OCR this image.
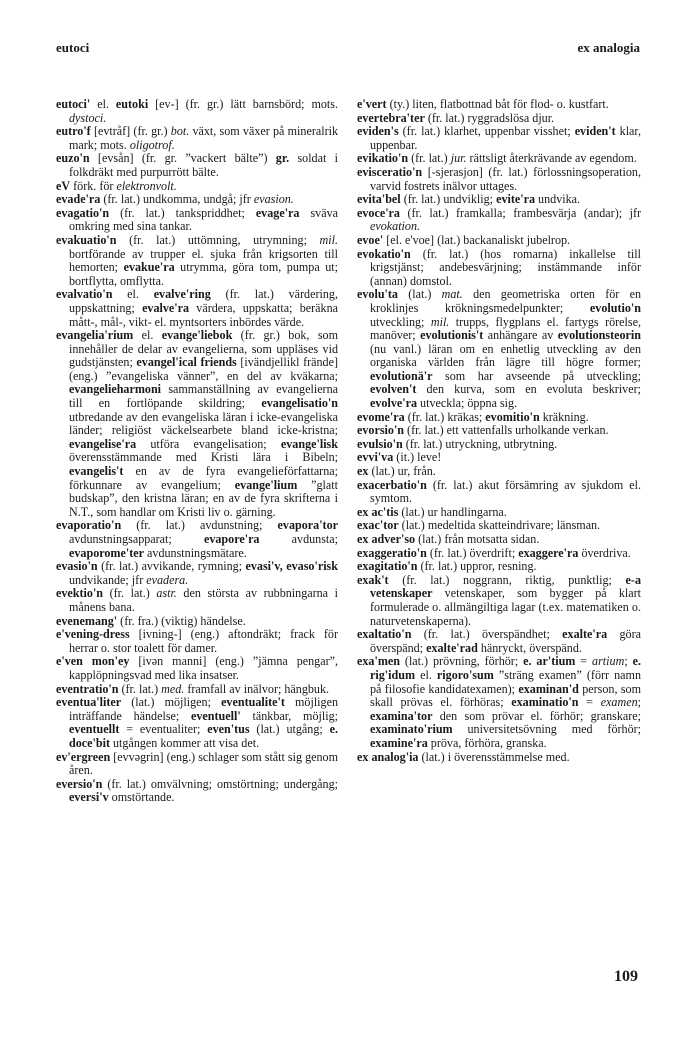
eutoci	ex analogia

eutoci' el. eutoki [ev-] (fr. gr.) lätt barnsbörd; mots. dystoci.

eutro'f [evtråf] (fr. gr.) bot. växt, som växer på mineralrik mark; mots. oligotrof.

euzo'n [evsån] (fr. gr. ”vackert bälte”) gr. soldat i folkdräkt med purpurrött bälte.

eV förk. för elektronvolt.

evade'ra (fr. lat.) undkomma, undgå; jfr evasion.

evagatio'n (fr. lat.) tankspriddhet; evage'ra sväva omkring med sina tankar.

evakuatio'n (fr. lat.) uttömning, utrymning; mil. bortförande av trupper el. sjuka från krigsorten till hemorten; evakue'ra utrymma, göra tom, pumpa ut; bortflytta, omflytta.

evalvatio'n el. evalve'ring (fr. lat.) värdering, uppskattning; evalve'ra värdera, uppskatta; beräkna mått-, mål-, vikt- el. myntsorters inbördes värde.

evangelia'rium el. evange'liebok (fr. gr.) bok, som innehåller de delar av evangelierna, som uppläses vid gudstjänsten; evangel'ical friends [ivändjellikl frände] (eng.) ”evangeliska vänner”, en del av kväkarna; evangelieharmoni sammanställning av evangelierna till en fortlöpande skildring; evangelisatio'n utbredande av den evangeliska läran i icke-evangeliska länder; religiöst väckelsearbete bland icke-kristna; evangelise'ra utföra evangelisation; evange'lisk överensstämmande med Kristi lära i Bibeln; evangelis't en av de fyra evangelieförfattarna; förkunnare av evangelium; evange'lium ”glatt budskap”, den kristna läran; en av de fyra skrifterna i N.T., som handlar om Kristi liv o. gärning.

evaporatio'n (fr. lat.) avdunstning; evapora'tor avdunstningsapparat; evapore'ra avdunsta; evaporome'ter avdunstningsmätare.

evasio'n (fr. lat.) avvikande, rymning; evasi'v, evaso'risk undvikande; jfr evadera.

evektio'n (fr. lat.) astr. den största av rubbningarna i månens bana.

evenemang' (fr. fra.) (viktig) händelse.

e'vening-dress [ivning-] (eng.) aftondräkt; frack för herrar o. stor toalett för damer.

e'ven mon'ey [ivən manni] (eng.) ”jämna pengar”, kapplöpningsvad med lika insatser.

eventratio'n (fr. lat.) med. framfall av inälvor; hängbuk.

eventua'liter (lat.) möjligen; eventualite't möjligen inträffande händelse; eventuell' tänkbar, möjlig; eventuellt = eventualiter; even'tus (lat.) utgång; e. doce'bit utgången kommer att visa det.

ev'ergreen [evvəgrin] (eng.) schlager som stått sig genom åren.

eversio'n (fr. lat.) omvälvning; omstörtning; undergång; eversi'v omstörtande.

e'vert (ty.) liten, flatbottnad båt för flod- o. kustfart.

evertebra'ter (fr. lat.) ryggradslösa djur.

eviden's (fr. lat.) klarhet, uppenbar visshet; eviden't klar, uppenbar.

evikatio'n (fr. lat.) jur. rättsligt återkrävande av egendom.

evisceratio'n [-sjerasjon] (fr. lat.) förlossningsoperation, varvid fostrets inälvor uttages.

evita'bel (fr. lat.) undviklig; evite'ra undvika.

evoce'ra (fr. lat.) framkalla; frambesvärja (andar); jfr evokation.

evoe' [el. e'voe] (lat.) backanaliskt jubelrop.

evokatio'n (fr. lat.) (hos romarna) inkallelse till krigstjänst; andebesvärjning; instämmande inför (annan) domstol.

evolu'ta (lat.) mat. den geometriska orten för en kroklinjes krökningsmedelpunkter; evolutio'n utveckling; mil. trupps, flygplans el. fartygs rörelse, manöver; evolutionis't anhängare av evolutionsteorin (nu vanl.) läran om en enhetlig utveckling av den organiska världen från lägre till högre former; evolutionä'r som har avseende på utveckling; evolven't den kurva, som en evoluta beskriver; evolve'ra utveckla; öppna sig.

evome'ra (fr. lat.) kräkas; evomitio'n kräkning.

evorsio'n (fr. lat.) ett vattenfalls urholkande verkan.

evulsio'n (fr. lat.) utryckning, utbrytning.

evvi'va (it.) leve!

ex (lat.) ur, från.

exacerbatio'n (fr. lat.) akut försämring av sjukdom el. symtom.

ex ac'tis (lat.) ur handlingarna.

exac'tor (lat.) medeltida skatteindrivare; länsman.

ex adver'so (lat.) från motsatta sidan.

exaggeratio'n (fr. lat.) överdrift; exaggere'ra överdriva.

exagitatio'n (fr. lat.) uppror, resning.

exak't (fr. lat.) noggrann, riktig, punktlig; e-a vetenskaper vetenskaper, som bygger på klart formulerade o. allmängiltiga lagar (t.ex. matematiken o. naturvetenskaperna).

exaltatio'n (fr. lat.) överspändhet; exalte'ra göra överspänd; exalte'rad hänryckt, överspänd.

exa'men (lat.) prövning, förhör; e. ar'tium = artium; e. rig'idum el. rigoro'sum ”sträng examen” (förr namn på filosofie kandidatexamen); examinan'd person, som skall prövas el. förhöras; examinatio'n = examen; examina'tor den som prövar el. förhör; granskare; examinato'rium universitetsövning med förhör; examine'ra pröva, förhöra, granska.

ex analog'ia (lat.) i överensstämmelse med.

109
